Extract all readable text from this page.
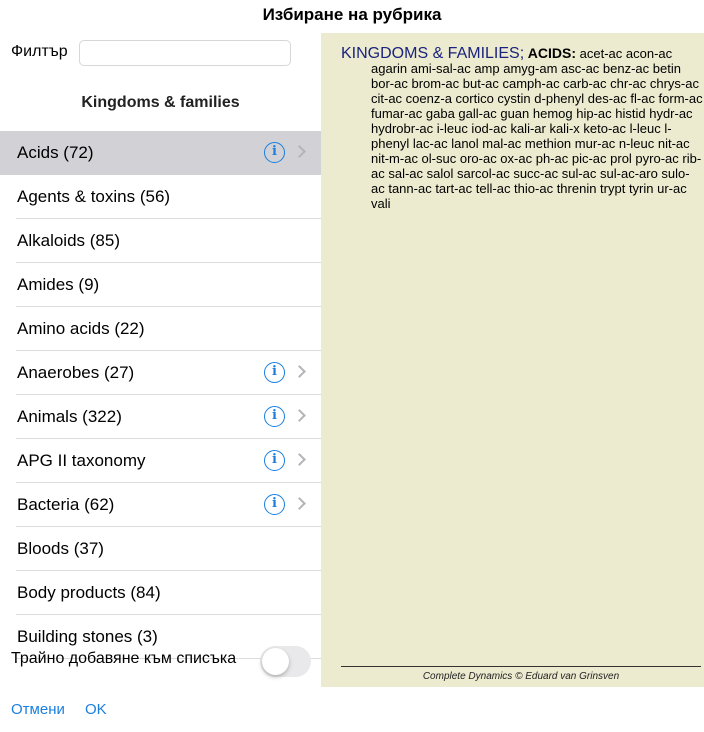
Избиране на рубрика
Филтър
Kingdoms & families
Acids (72)	i
Agents & toxins (56)
Alkaloids (85)
Amides (9)
Amino acids (22)
Anaerobes (27)	i
Animals (322)	i
APG II taxonomy	i
Bacteria (62)	i
Bloods (37)
Body products (84)
Building stones (3)
Трайно добавяне към списъка
Отмени OK
KINGDOMS & FAMILIES; ACIDS: acet-ac acon-ac agarin ami-sal-ac amp amyg-am asc-ac benz-ac betin bor-ac brom-ac but-ac camph-ac carb-ac chr-ac chrys-ac cit-ac coenz-a cortico cystin d-phenyl des-ac fl-ac form-ac fumar-ac gaba gall-ac guan hemog hip-ac histid hydr-ac hydrobr-ac i-leuc iod-ac kali-ar kali-x keto-ac l-leuc l-phenyl lac-ac lanol mal-ac methion mur-ac n-leuc nit-ac nit-m-ac ol-suc oro-ac ox-ac ph-ac pic-ac prol pyro-ac rib-ac sal-ac salol sarcol-ac succ-ac sul-ac sul-ac-aro sulo-ac tann-ac tart-ac tell-ac thio-ac threnin trypt tyrin ur-ac vali
Complete Dynamics © Eduard van Grinsven
